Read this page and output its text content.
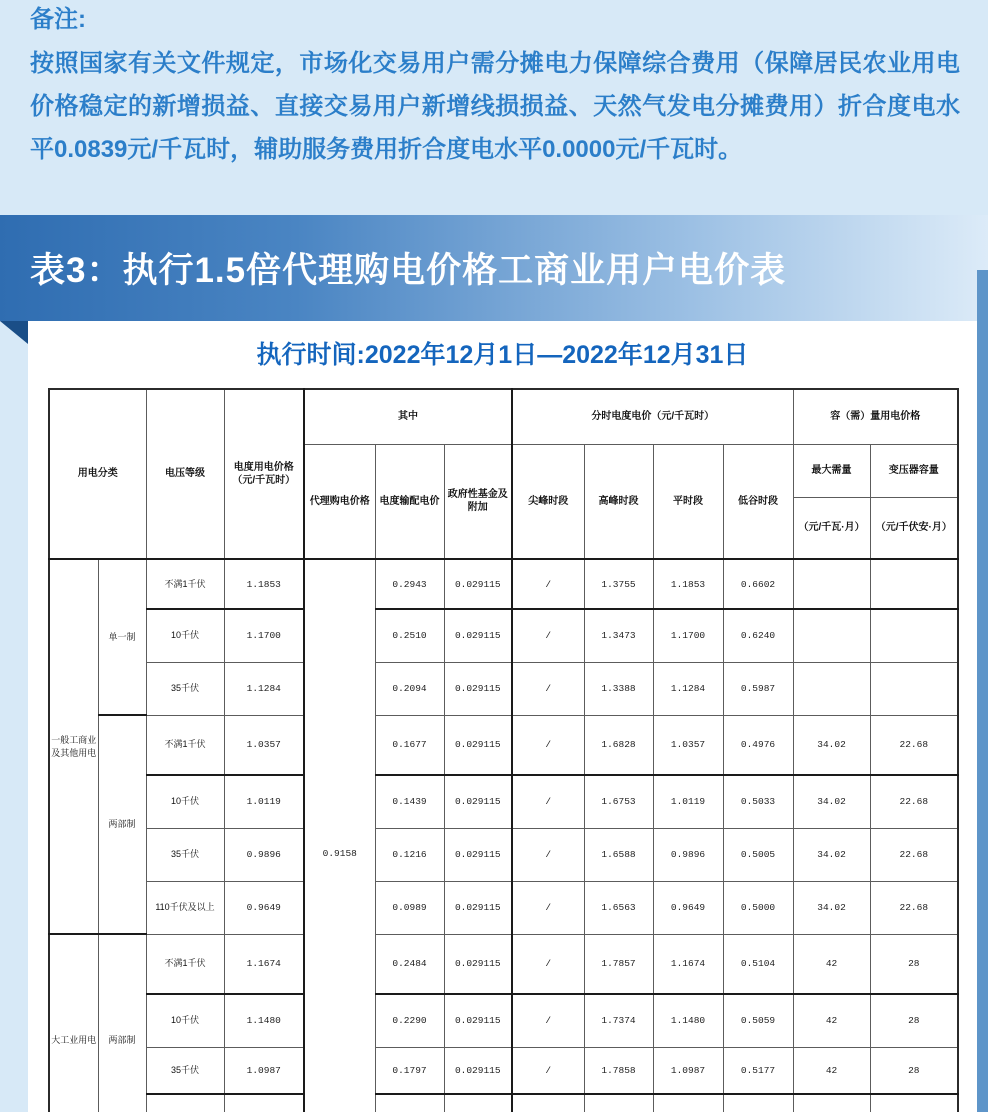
备注:
按照国家有关文件规定，市场化交易用户需分摊电力保障综合费用（保障居民农业用电价格稳定的新增损益、直接交易用户新增线损损益、天然气发电分摊费用）折合度电水平0.0839元/千瓦时，辅助服务费用折合度电水平0.0000元/千瓦时。
表3：执行1.5倍代理购电价格工商业用户电价表
执行时间:2022年12月1日—2022年12月31日
用电分类		电压等级	电度用电价格（元/千瓦时）	其中			分时电度电价（元/千瓦时）				容（需）量用电价格	
				代理购电价格	电度输配电价	政府性基金及附加	尖峰时段	高峰时段	平时段	低谷时段	最大需量	变压器容量
											（元/千瓦·月）	（元/千伏安·月）
一般工商业及其他用电	单一制	不满1千伏	1.1853	0.9158	0.2943	0.029115	/	1.3755	1.1853	0.6602		
		10千伏	1.1700		0.2510	0.029115	/	1.3473	1.1700	0.6240		
		35千伏	1.1284		0.2094	0.029115	/	1.3388	1.1284	0.5987		
	两部制	不满1千伏	1.0357		0.1677	0.029115	/	1.6828	1.0357	0.4976	34.02	22.68
		10千伏	1.0119		0.1439	0.029115	/	1.6753	1.0119	0.5033	34.02	22.68
		35千伏	0.9896		0.1216	0.029115	/	1.6588	0.9896	0.5005	34.02	22.68
		110千伏及以上	0.9649		0.0989	0.029115	/	1.6563	0.9649	0.5000	34.02	22.68
大工业用电	两部制	不满1千伏	1.1674		0.2484	0.029115	/	1.7857	1.1674	0.5104	42	28
		10千伏	1.1480		0.2290	0.029115	/	1.7374	1.1480	0.5059	42	28
		35千伏	1.0987		0.1797	0.029115	/	1.7858	1.0987	0.5177	42	28
